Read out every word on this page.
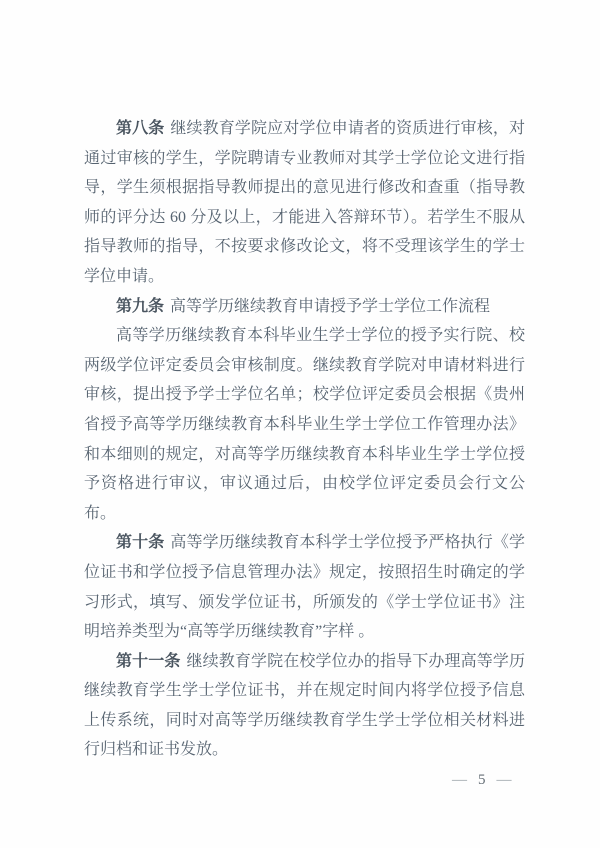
第八条 继续教育学院应对学位申请者的资质进行审核，对通过审核的学生，学院聘请专业教师对其学士学位论文进行指导，学生须根据指导教师提出的意见进行修改和查重（指导教师的评分达 60 分及以上，才能进入答辩环节）。若学生不服从指导教师的指导，不按要求修改论文，将不受理该学生的学士学位申请。

第九条 高等学历继续教育申请授予学士学位工作流程

高等学历继续教育本科毕业生学士学位的授予实行院、校两级学位评定委员会审核制度。继续教育学院对申请材料进行审核，提出授予学士学位名单；校学位评定委员会根据《贵州省授予高等学历继续教育本科毕业生学士学位工作管理办法》和本细则的规定，对高等学历继续教育本科毕业生学士学位授予资格进行审议，审议通过后，由校学位评定委员会行文公布。

第十条 高等学历继续教育本科学士学位授予严格执行《学位证书和学位授予信息管理办法》规定，按照招生时确定的学习形式，填写、颁发学位证书，所颁发的《学士学位证书》注明培养类型为“高等学历继续教育”字样 。

第十一条 继续教育学院在校学位办的指导下办理高等学历继续教育学生学士学位证书，并在规定时间内将学位授予信息上传系统，同时对高等学历继续教育学生学士学位相关材料进行归档和证书发放。

— 5 —
